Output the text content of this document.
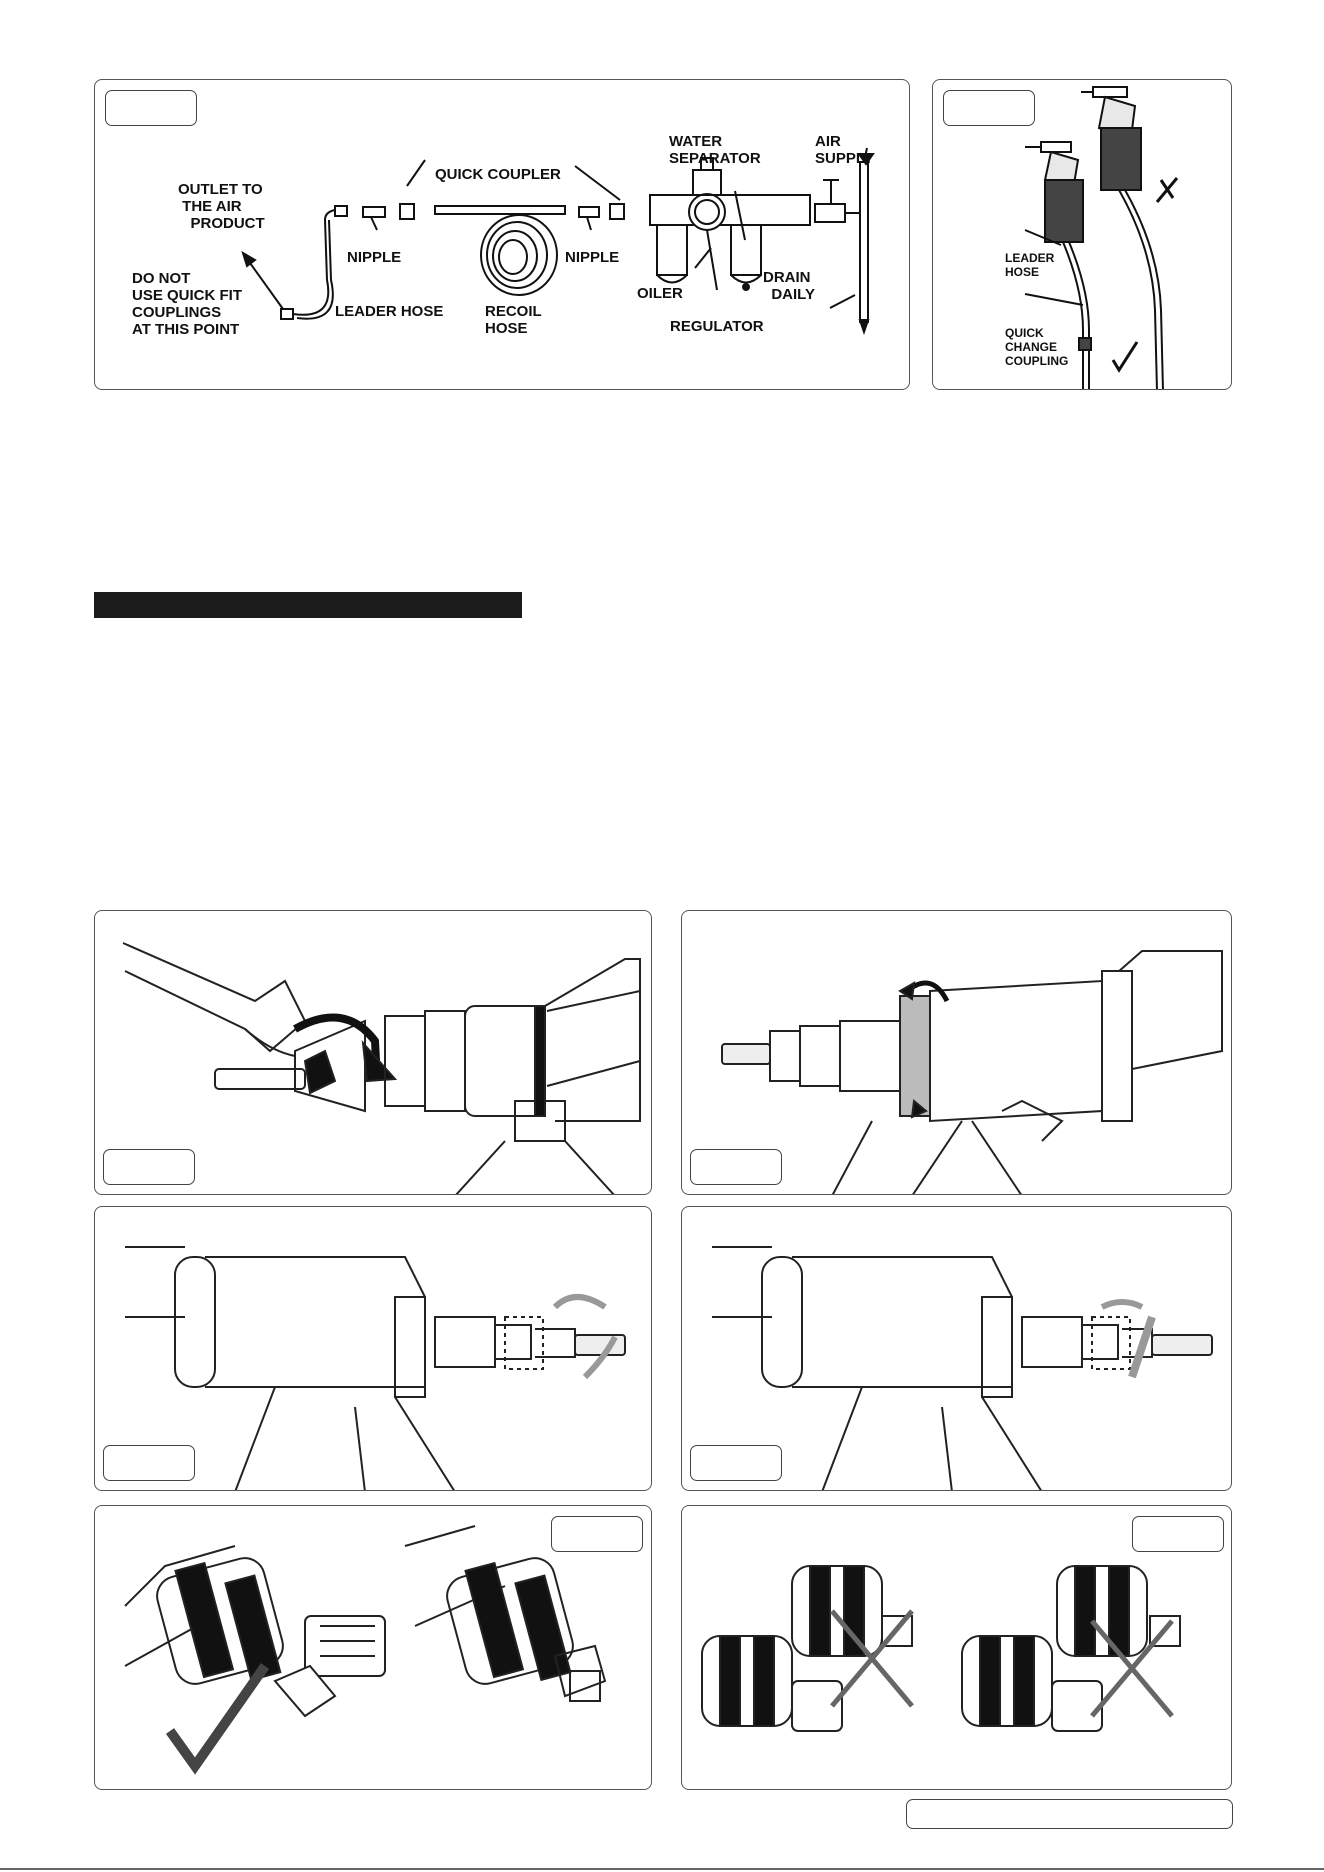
OUTLET TO
THE AIR
PRODUCT
DO NOT
USE QUICK FIT
COUPLINGS
AT THIS POINT
NIPPLE
LEADER HOSE
QUICK COUPLER
RECOIL
HOSE
NIPPLE
WATER
SEPARATOR
OILER
REGULATOR
AIR
SUPPLY
DRAIN
DAILY
LEADER
HOSE
QUICK
CHANGE
COUPLING
